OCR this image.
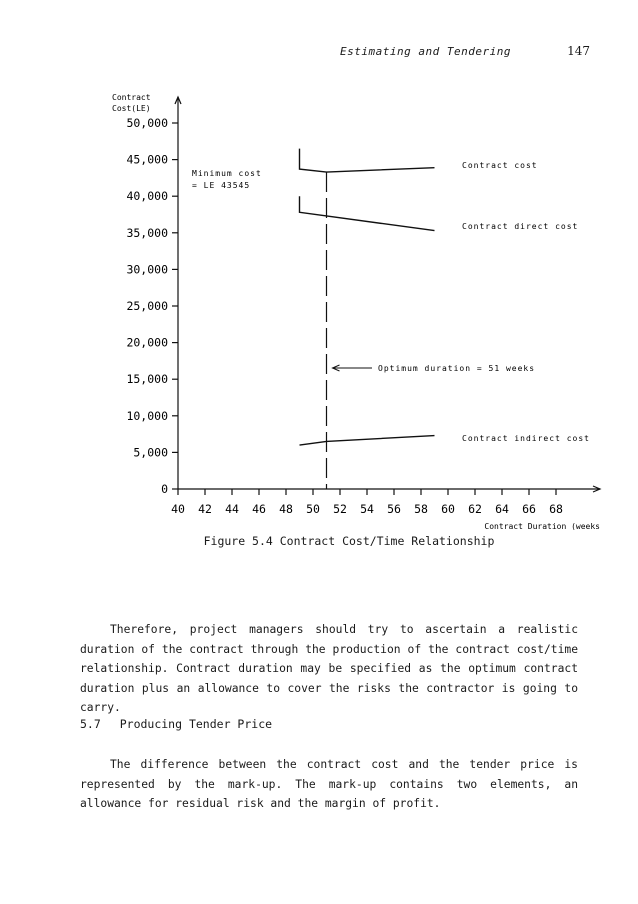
Estimating and Tendering	147
Contract
Cost(LE)
Contract Duration (weeks
0
5,000
10,000
15,000
20,000
25,000
30,000
35,000
40,000
45,000
50,000
40 42 44 46 48 50 52 54 56 58 60 62 64 66 68
Contract cost
Contract direct cost
Contract indirect cost
Optimum duration = 51 weeks
Minimum cost
= LE 43545
Figure 5.4 Contract Cost/Time Relationship

Therefore, project managers should try to ascertain a realistic duration of the contract through the production of the contract cost/time relationship. Contract duration may be specified as the optimum contract duration plus an allowance to cover the risks the contractor is going to carry.

5.7 Producing Tender Price

The difference between the contract cost and the tender price is represented by the mark-up. The mark-up contains two elements, an allowance for residual risk and the margin of profit.
